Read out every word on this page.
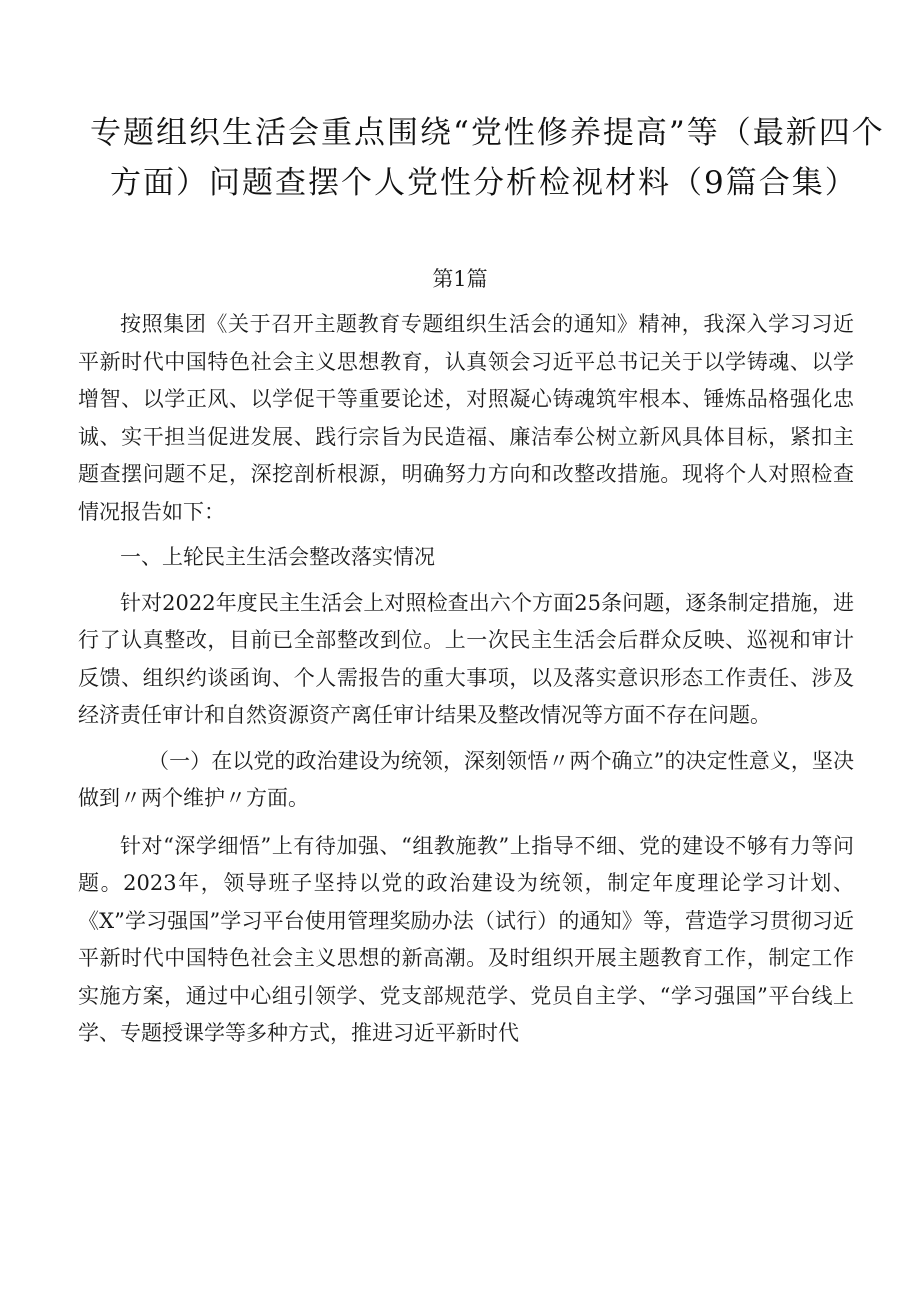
专题组织生活会重点围绕“党性修养提高”等（最新四个
方面）问题查摆个人党性分析检视材料（9篇合集）
第1篇

按照集团《关于召开主题教育专题组织生活会的通知》精神，我深入学习习近平新时代中国特色社会主义思想教育，认真领会习近平总书记关于以学铸魂、以学增智、以学正风、以学促干等重要论述，对照凝心铸魂筑牢根本、锤炼品格强化忠诚、实干担当促进发展、践行宗旨为民造福、廉洁奉公树立新风具体目标，紧扣主题查摆问题不足，深挖剖析根源，明确努力方向和改整改措施。现将个人对照检查情况报告如下：

一、上轮民主生活会整改落实情况

针对2022年度民主生活会上对照检查出六个方面25条问题，逐条制定措施，进行了认真整改，目前已全部整改到位。上一次民主生活会后群众反映、巡视和审计反馈、组织约谈函询、个人需报告的重大事项，以及落实意识形态工作责任、涉及经济责任审计和自然资源资产离任审计结果及整改情况等方面不存在问题。

（一）在以党的政治建设为统领，深刻领悟〃两个确立”的决定性意义，坚决做到〃两个维护〃方面。

针对“深学细悟”上有待加强、“组教施教”上指导不细、党的建设不够有力等问题。2023年，领导班子坚持以党的政治建设为统领，制定年度理论学习计划、《X”学习强国”学习平台使用管理奖励办法（试行）的通知》等，营造学习贯彻习近平新时代中国特色社会主义思想的新高潮。及时组织开展主题教育工作，制定工作实施方案，通过中心组引领学、党支部规范学、党员自主学、“学习强国”平台线上学、专题授课学等多种方式，推进习近平新时代
